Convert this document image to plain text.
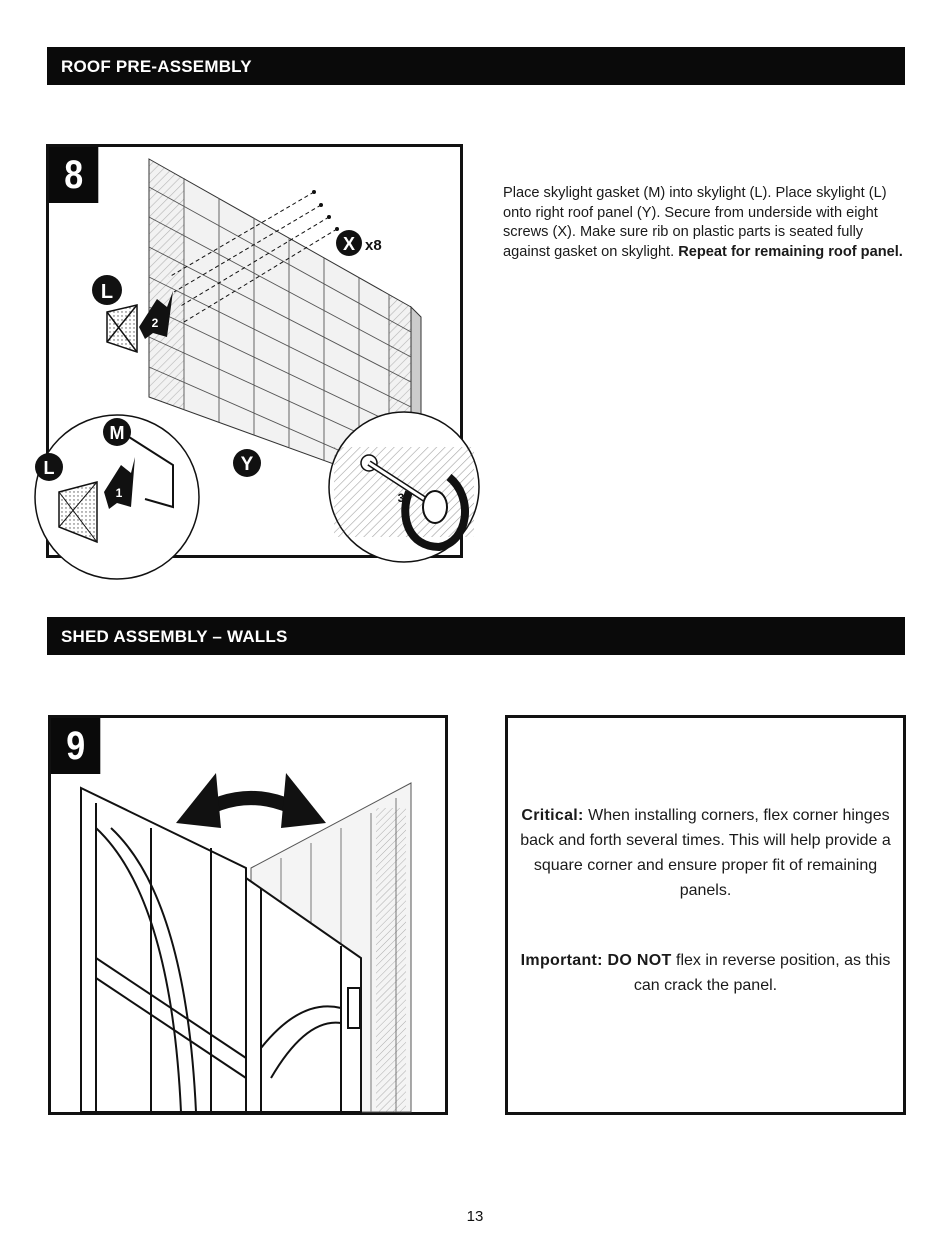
ROOF PRE-ASSEMBLY
X x8
L
2
Y
M
L
1	3
8	Place skylight gasket (M) into skylight (L). Place skylight (L) onto right roof panel (Y). Secure from underside with eight screws (X). Make sure rib on plastic parts is seated fully against gasket on skylight. Repeat for remaining roof panel.
SHED ASSEMBLY – WALLS
9
Critical: When installing corners, flex corner hinges back and forth several times. This will help provide a square corner and ensure proper fit of remaining panels.
Important: DO NOT flex in reverse position, as this can crack the panel.
13
